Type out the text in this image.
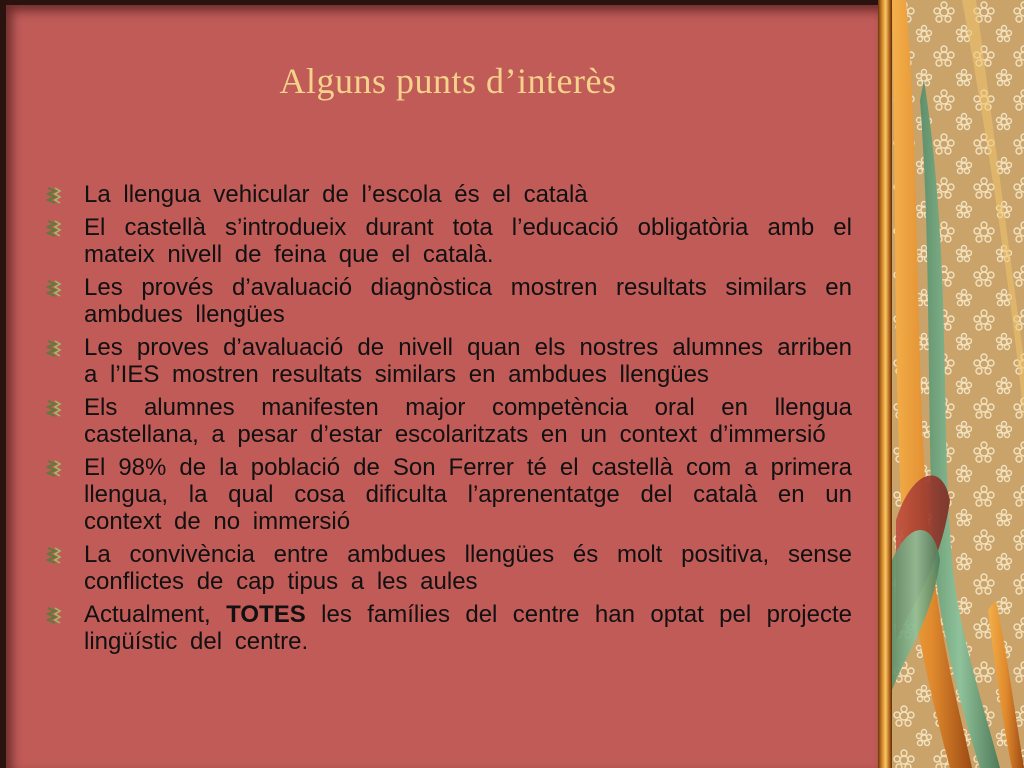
Alguns punts d’interès
La llengua vehicular de l’escola és el català
El castellà s’introdueix durant tota l’educació obligatòria amb el mateix nivell de feina que el català.
Les provés d’avaluació diagnòstica mostren resultats similars en ambdues llengües
Les proves d’avaluació de nivell quan els nostres alumnes arriben a l’IES mostren resultats similars en ambdues llengües
Els alumnes manifesten major competència oral en llengua castellana, a pesar d’estar escolaritzats en un context d’immersió
El 98% de la població de Son Ferrer té el castellà com a primera llengua, la qual cosa dificulta l’aprenentatge del català en un context de no immersió
La convivència entre ambdues llengües és molt positiva, sense conflictes de cap tipus a les aules
Actualment, TOTES les famílies del centre han optat pel projecte lingüístic del centre.
